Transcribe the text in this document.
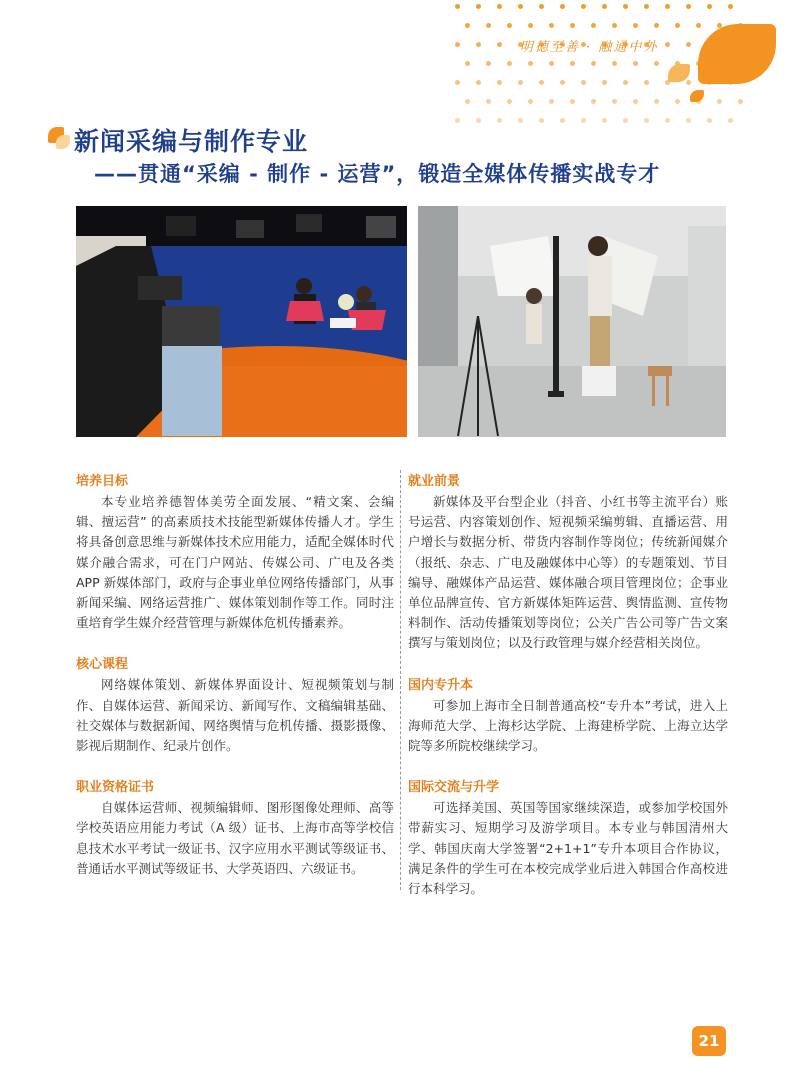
明德至善 · 融通中外
新闻采编与制作专业
——贯通“采编 - 制作 - 运营”，锻造全媒体传播实战专才

培养目标

本专业培养德智体美劳全面发展、“精文案、会编辑、擅运营” 的高素质技术技能型新媒体传播人才。学生将具备创意思维与新媒体技术应用能力，适配全媒体时代媒介融合需求，可在门户网站、传媒公司、广电及各类 APP 新媒体部门，政府与企事业单位网络传播部门，从事新闻采编、网络运营推广、媒体策划制作等工作。同时注重培育学生媒介经营管理与新媒体危机传播素养。

核心课程

网络媒体策划、新媒体界面设计、短视频策划与制作、自媒体运营、新闻采访、新闻写作、文稿编辑基础、社交媒体与数据新闻、网络舆情与危机传播、摄影摄像、影视后期制作、纪录片创作。

职业资格证书

自媒体运营师、视频编辑师、图形图像处理师、高等学校英语应用能力考试（A 级）证书、上海市高等学校信息技术水平考试一级证书、汉字应用水平测试等级证书、普通话水平测试等级证书、大学英语四、六级证书。

就业前景

新媒体及平台型企业（抖音、小红书等主流平台）账号运营、内容策划创作、短视频采编剪辑、直播运营、用户增长与数据分析、带货内容制作等岗位；传统新闻媒介（报纸、杂志、广电及融媒体中心等）的专题策划、节目编导、融媒体产品运营、媒体融合项目管理岗位；企事业单位品牌宣传、官方新媒体矩阵运营、舆情监测、宣传物料制作、活动传播策划等岗位；公关广告公司等广告文案撰写与策划岗位；以及行政管理与媒介经营相关岗位。

国内专升本

可参加上海市全日制普通高校“专升本”考试，进入上海师范大学、上海杉达学院、上海建桥学院、上海立达学院等多所院校继续学习。

国际交流与升学

可选择美国、英国等国家继续深造，或参加学校国外带薪实习、短期学习及游学项目。本专业与韩国清州大学、韩国庆南大学签署“2+1+1”专升本项目合作协议，满足条件的学生可在本校完成学业后进入韩国合作高校进行本科学习。

21
